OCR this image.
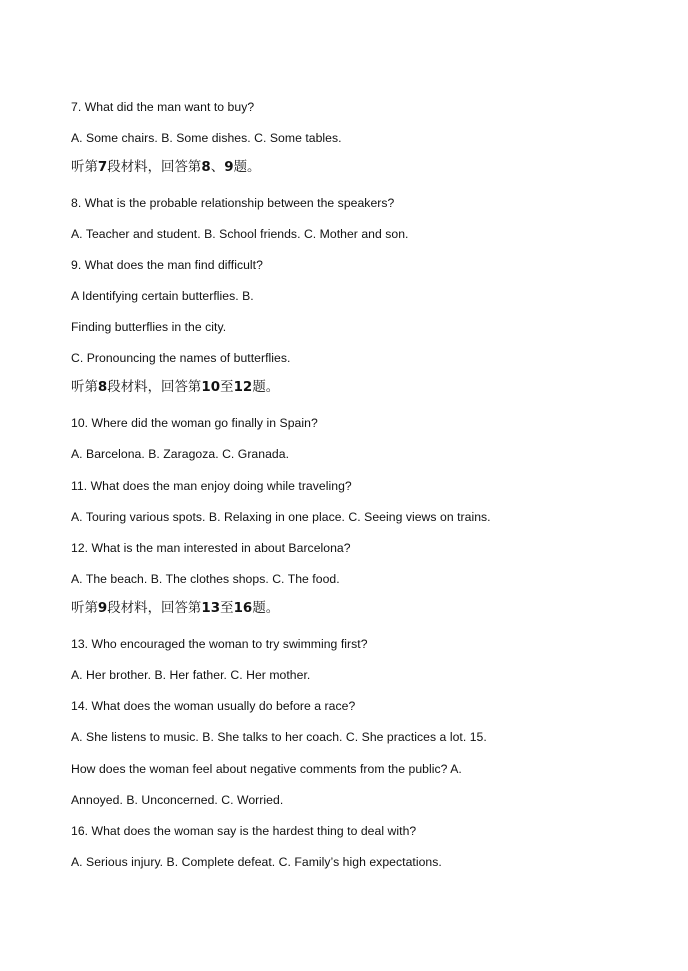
7. What did the man want to buy?
A. Some chairs. B. Some dishes. C. Some tables.
听第7段材料，回答第8、9题。
8. What is the probable relationship between the speakers?
A. Teacher and student. B. School friends. C. Mother and son.
9. What does the man find difficult?
A Identifying certain butterflies. B.
Finding butterflies in the city.
C. Pronouncing the names of butterflies.
听第8段材料，回答第10至12题。
10. Where did the woman go finally in Spain?
A. Barcelona. B. Zaragoza. C. Granada.
11. What does the man enjoy doing while traveling?
A. Touring various spots. B. Relaxing in one place. C. Seeing views on trains.
12. What is the man interested in about Barcelona?
A. The beach. B. The clothes shops. C. The food.
听第9段材料，回答第13至16题。
13. Who encouraged the woman to try swimming first?
A. Her brother. B. Her father. C. Her mother.
14. What does the woman usually do before a race?
A. She listens to music. B. She talks to her coach. C. She practices a lot. 15.
How does the woman feel about negative comments from the public? A.
Annoyed. B. Unconcerned. C. Worried.
16. What does the woman say is the hardest thing to deal with?
A. Serious injury. B. Complete defeat. C. Family’s high expectations.
